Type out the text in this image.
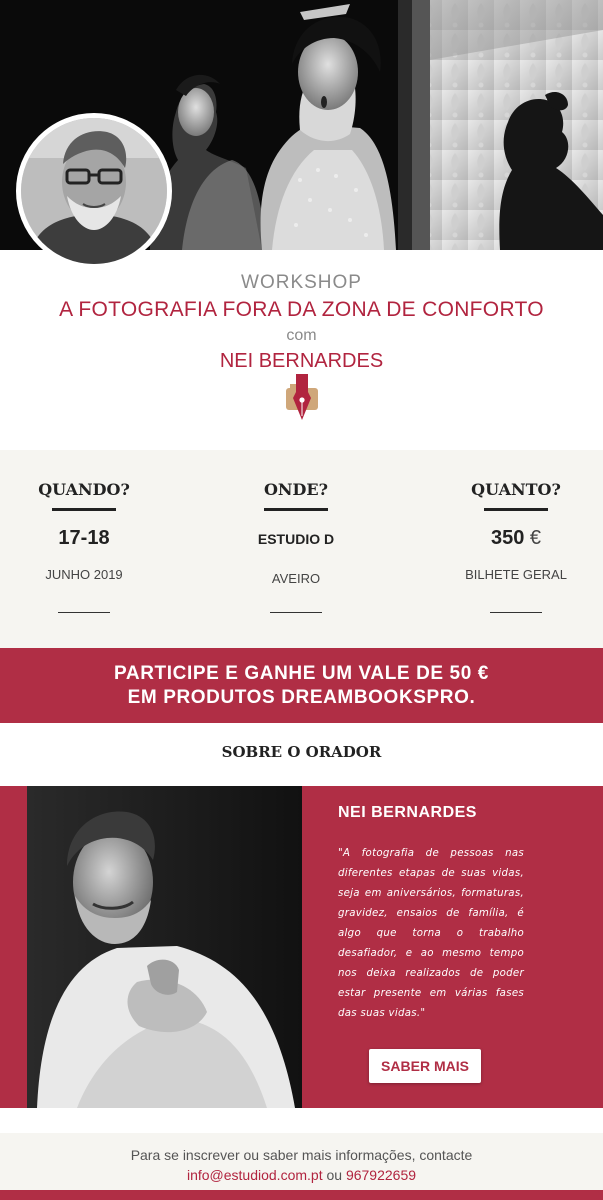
WORKSHOP
A FOTOGRAFIA FORA DA ZONA DE CONFORTO
com
NEI BERNARDES
QUANDO?
17-18
JUNHO 2019
ONDE?
ESTUDIO D
AVEIRO
QUANTO?
350 €
BILHETE GERAL
PARTICIPE E GANHE UM VALE DE 50 €
EM PRODUTOS DREAMBOOKSPRO.
SOBRE O ORADOR
NEI BERNARDES
"A fotografia de pessoas nas diferentes etapas de suas vidas, seja em aniversários, formaturas, gravidez, ensaios de família, é algo que torna o trabalho desafiador, e ao mesmo tempo nos deixa realizados de poder estar presente em várias fases das suas vidas."
SABER MAIS
Para se inscrever ou saber mais informações, contacte
info@estudiod.com.pt ou 967922659
